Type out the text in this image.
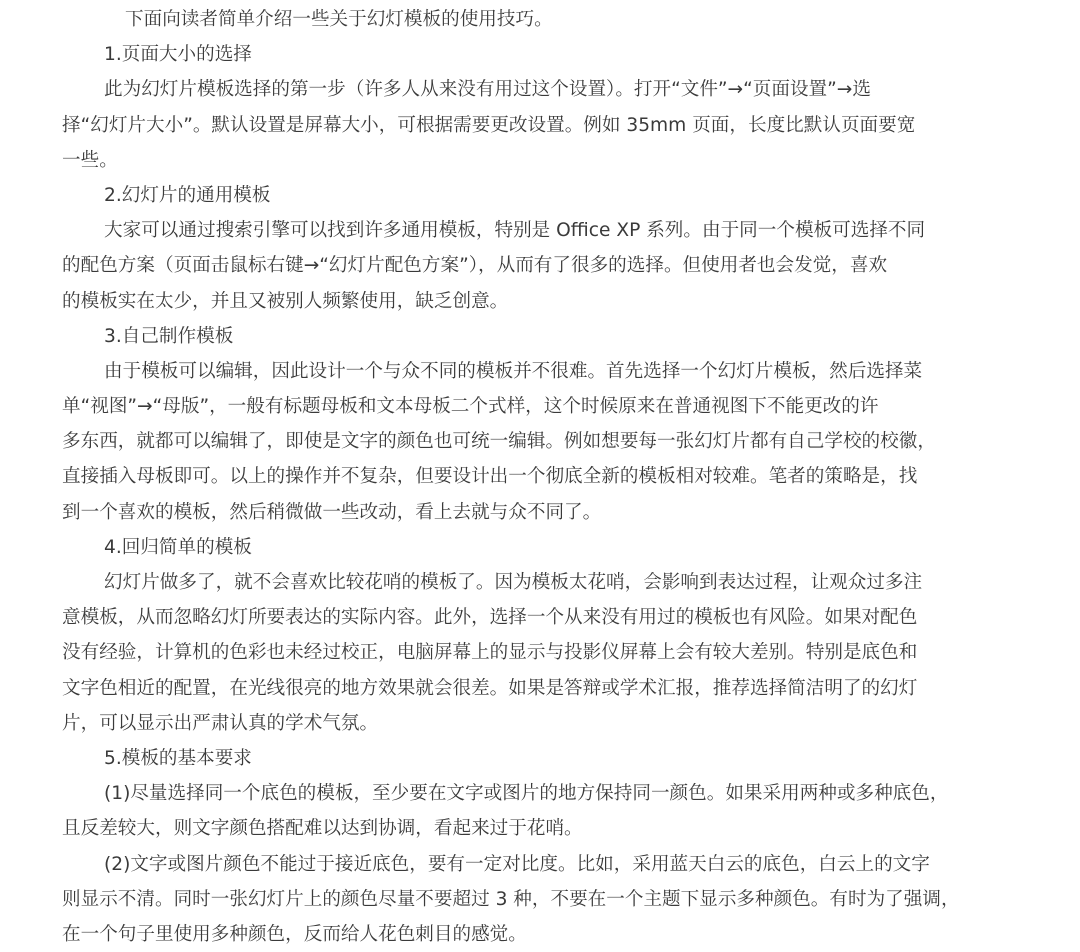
下面向读者简单介绍一些关于幻灯模板的使用技巧。
1.页面大小的选择
此为幻灯片模板选择的第一步（许多人从来没有用过这个设置）。打开“文件”→“页面设置”→选
择“幻灯片大小”。默认设置是屏幕大小，可根据需要更改设置。例如 35mm 页面，长度比默认页面要宽
一些。
2.幻灯片的通用模板
大家可以通过搜索引擎可以找到许多通用模板，特别是 Office XP 系列。由于同一个模板可选择不同
的配色方案（页面击鼠标右键→“幻灯片配色方案”），从而有了很多的选择。但使用者也会发觉，喜欢
的模板实在太少，并且又被别人频繁使用，缺乏创意。
3.自己制作模板
由于模板可以编辑，因此设计一个与众不同的模板并不很难。首先选择一个幻灯片模板，然后选择菜
单“视图”→“母版”，一般有标题母板和文本母板二个式样，这个时候原来在普通视图下不能更改的许
多东西，就都可以编辑了，即使是文字的颜色也可统一编辑。例如想要每一张幻灯片都有自己学校的校徽，
直接插入母板即可。以上的操作并不复杂，但要设计出一个彻底全新的模板相对较难。笔者的策略是，找
到一个喜欢的模板，然后稍微做一些改动，看上去就与众不同了。
4.回归简单的模板
幻灯片做多了，就不会喜欢比较花哨的模板了。因为模板太花哨，会影响到表达过程，让观众过多注
意模板，从而忽略幻灯所要表达的实际内容。此外，选择一个从来没有用过的模板也有风险。如果对配色
没有经验，计算机的色彩也未经过校正，电脑屏幕上的显示与投影仪屏幕上会有较大差别。特别是底色和
文字色相近的配置，在光线很亮的地方效果就会很差。如果是答辩或学术汇报，推荐选择简洁明了的幻灯
片，可以显示出严肃认真的学术气氛。
5.模板的基本要求
(1)尽量选择同一个底色的模板，至少要在文字或图片的地方保持同一颜色。如果采用两种或多种底色，
且反差较大，则文字颜色搭配难以达到协调，看起来过于花哨。
(2)文字或图片颜色不能过于接近底色，要有一定对比度。比如，采用蓝天白云的底色，白云上的文字
则显示不清。同时一张幻灯片上的颜色尽量不要超过 3 种，不要在一个主题下显示多种颜色。有时为了强调，
在一个句子里使用多种颜色，反而给人花色刺目的感觉。
